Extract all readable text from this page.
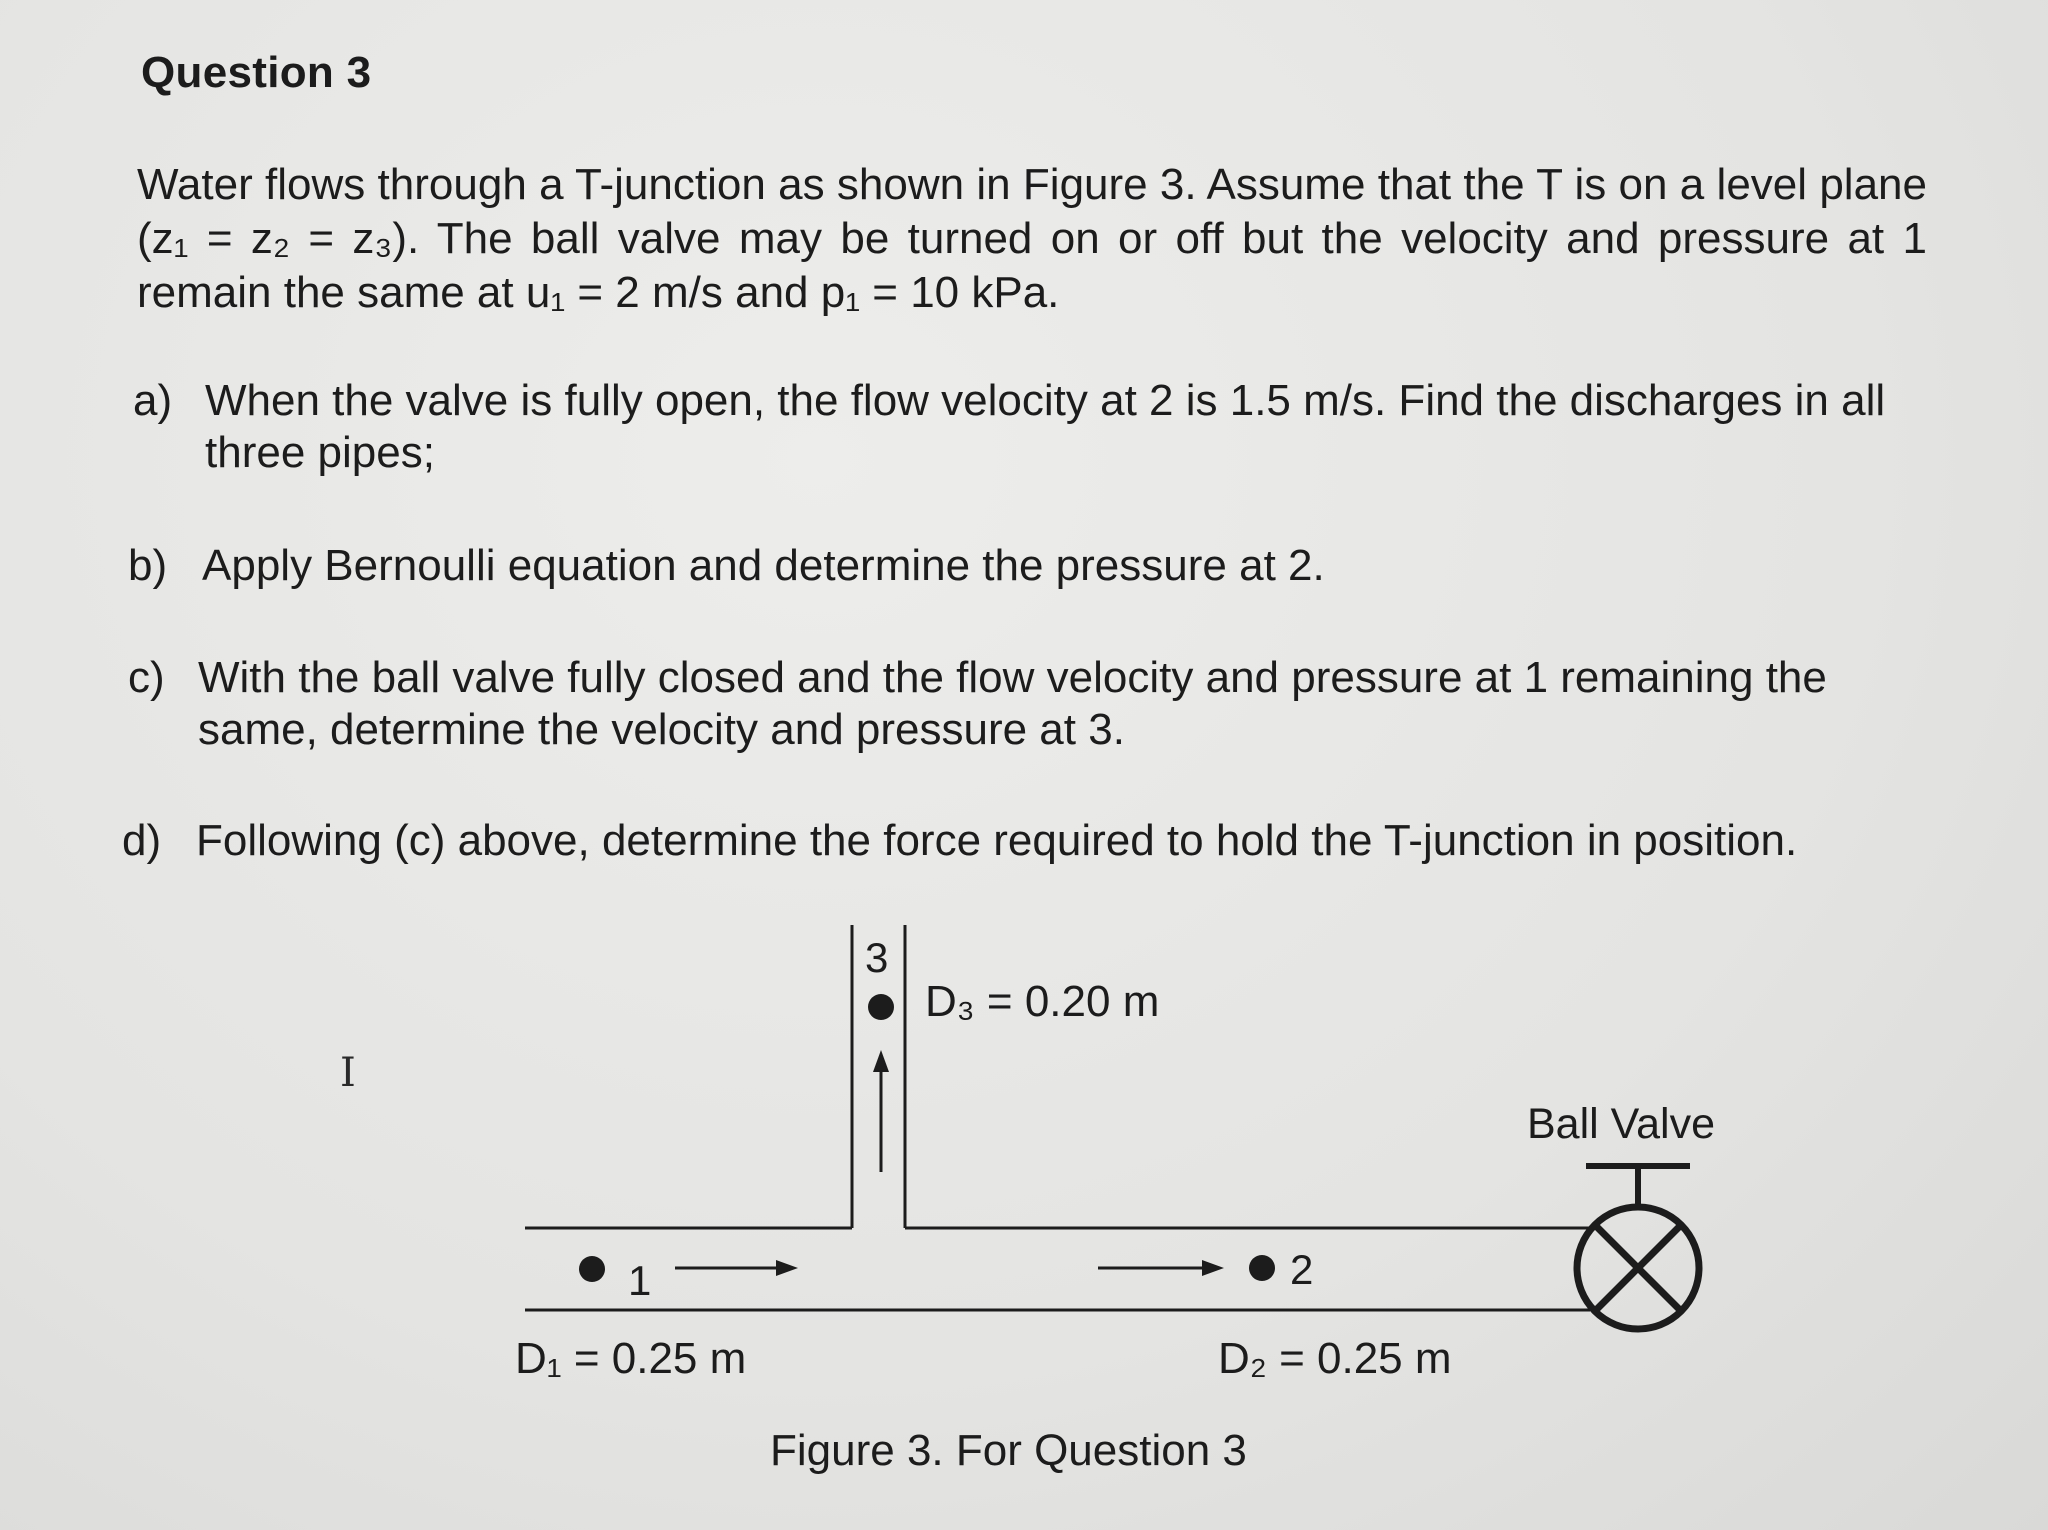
Question 3

Water flows through a T-junction as shown in Figure 3. Assume that the T is on a level plane (z₁ = z₂ = z₃). The ball valve may be turned on or off but the velocity and pressure at 1 remain the same at u₁ = 2 m/s and p₁ = 10 kPa.

a) When the valve is fully open, the flow velocity at 2 is 1.5 m/s. Find the discharges in all three pipes;

b) Apply Bernoulli equation and determine the pressure at 2.

c) With the ball valve fully closed and the flow velocity and pressure at 1 remaining the same, determine the velocity and pressure at 3.

d) Following (c) above, determine the force required to hold the T-junction in position.

I
1	2
3
D₃ = 0.20 m
D₁ = 0.25 m	D₂ = 0.25 m
Ball Valve
Figure 3. For Question 3
